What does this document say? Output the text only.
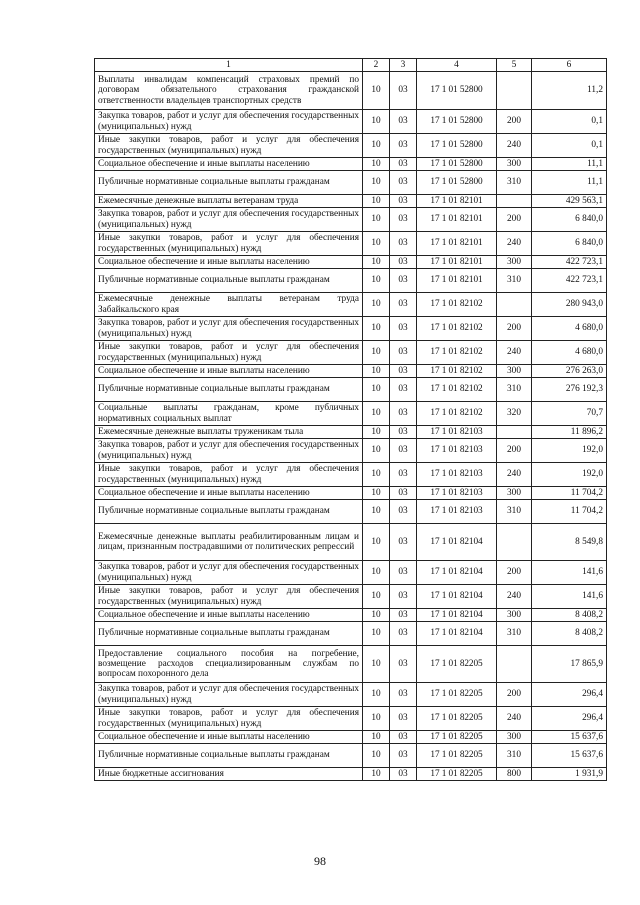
1	2	3	4	5	6
Выплаты инвалидам компенсаций страховых премий по договорам обязательного страхования гражданской ответственности владельцев транспортных средств	10	03	17 1 01 52800		11,2
Закупка товаров, работ и услуг для обеспечения государственных (муниципальных) нужд	10	03	17 1 01 52800	200	0,1
Иные закупки товаров, работ и услуг для обеспечения государственных (муниципальных) нужд	10	03	17 1 01 52800	240	0,1
Социальное обеспечение и иные выплаты населению	10	03	17 1 01 52800	300	11,1
Публичные нормативные социальные выплаты гражданам	10	03	17 1 01 52800	310	11,1
Ежемесячные денежные выплаты ветеранам труда	10	03	17 1 01 82101		429 563,1
Закупка товаров, работ и услуг для обеспечения государственных (муниципальных) нужд	10	03	17 1 01 82101	200	6 840,0
Иные закупки товаров, работ и услуг для обеспечения государственных (муниципальных) нужд	10	03	17 1 01 82101	240	6 840,0
Социальное обеспечение и иные выплаты населению	10	03	17 1 01 82101	300	422 723,1
Публичные нормативные социальные выплаты гражданам	10	03	17 1 01 82101	310	422 723,1
Ежемесячные денежные выплаты ветеранам труда Забайкальского края	10	03	17 1 01 82102		280 943,0
Закупка товаров, работ и услуг для обеспечения государственных (муниципальных) нужд	10	03	17 1 01 82102	200	4 680,0
Иные закупки товаров, работ и услуг для обеспечения государственных (муниципальных) нужд	10	03	17 1 01 82102	240	4 680,0
Социальное обеспечение и иные выплаты населению	10	03	17 1 01 82102	300	276 263,0
Публичные нормативные социальные выплаты гражданам	10	03	17 1 01 82102	310	276 192,3
Социальные выплаты гражданам, кроме публичных нормативных социальных выплат	10	03	17 1 01 82102	320	70,7
Ежемесячные денежные выплаты труженикам тыла	10	03	17 1 01 82103		11 896,2
Закупка товаров, работ и услуг для обеспечения государственных (муниципальных) нужд	10	03	17 1 01 82103	200	192,0
Иные закупки товаров, работ и услуг для обеспечения государственных (муниципальных) нужд	10	03	17 1 01 82103	240	192,0
Социальное обеспечение и иные выплаты населению	10	03	17 1 01 82103	300	11 704,2
Публичные нормативные социальные выплаты гражданам	10	03	17 1 01 82103	310	11 704,2
Ежемесячные денежные выплаты реабилитированным лицам и лицам, признанным пострадавшими от политических репрессий	10	03	17 1 01 82104		8 549,8
Закупка товаров, работ и услуг для обеспечения государственных (муниципальных) нужд	10	03	17 1 01 82104	200	141,6
Иные закупки товаров, работ и услуг для обеспечения государственных (муниципальных) нужд	10	03	17 1 01 82104	240	141,6
Социальное обеспечение и иные выплаты населению	10	03	17 1 01 82104	300	8 408,2
Публичные нормативные социальные выплаты гражданам	10	03	17 1 01 82104	310	8 408,2
Предоставление социального пособия на погребение, возмещение расходов специализированным службам по вопросам похоронного дела	10	03	17 1 01 82205		17 865,9
Закупка товаров, работ и услуг для обеспечения государственных (муниципальных) нужд	10	03	17 1 01 82205	200	296,4
Иные закупки товаров, работ и услуг для обеспечения государственных (муниципальных) нужд	10	03	17 1 01 82205	240	296,4
Социальное обеспечение и иные выплаты населению	10	03	17 1 01 82205	300	15 637,6
Публичные нормативные социальные выплаты гражданам	10	03	17 1 01 82205	310	15 637,6
Иные бюджетные ассигнования	10	03	17 1 01 82205	800	1 931,9
98
